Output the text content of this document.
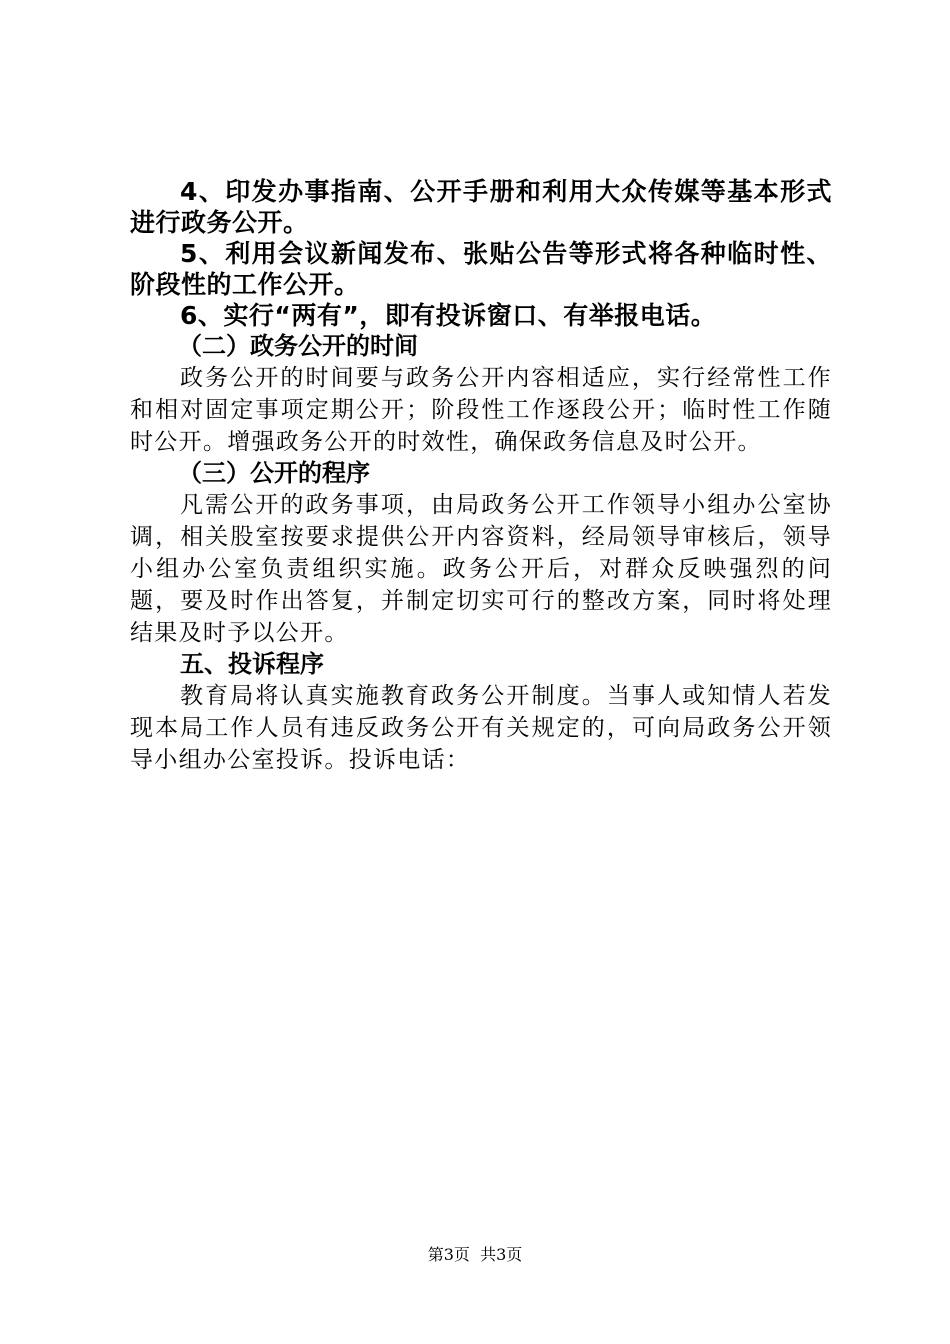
4、印发办事指南、公开手册和利用大众传媒等基本形式进行政务公开。

5、利用会议新闻发布、张贴公告等形式将各种临时性、阶段性的工作公开。

6、实行“两有”，即有投诉窗口、有举报电话。

（二）政务公开的时间

政务公开的时间要与政务公开内容相适应，实行经常性工作和相对固定事项定期公开；阶段性工作逐段公开；临时性工作随时公开。增强政务公开的时效性，确保政务信息及时公开。

（三）公开的程序

凡需公开的政务事项，由局政务公开工作领导小组办公室协调，相关股室按要求提供公开内容资料，经局领导审核后，领导小组办公室负责组织实施。政务公开后，对群众反映强烈的问题，要及时作出答复，并制定切实可行的整改方案，同时将处理结果及时予以公开。

五、投诉程序

教育局将认真实施教育政务公开制度。当事人或知情人若发现本局工作人员有违反政务公开有关规定的，可向局政务公开领导小组办公室投诉。投诉电话：

第3页  共3页
